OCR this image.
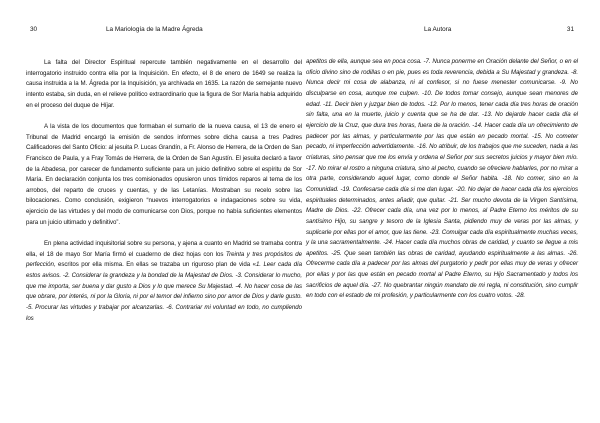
30	La Mariología de la Madre Ágreda

La falta del Director Espiritual repercute también negativamente en el desarrollo del interrogatorio instruido contra ella por la Inquisición. En efecto, el 8 de enero de 1649 se realiza la causa instruida a la M. Ágreda por la Inquisición, ya archivada en 1635. La razón de semejante nuevo intento estaba, sin duda, en el relieve político extraordinario que la figura de Sor María había adquirido en el proceso del duque de Híjar.

A la vista de los documentos que formaban el sumario de la nueva causa, el 13 de enero el Tribunal de Madrid encargó la emisión de sendos informes sobre dicha causa a tres Padres Calificadores del Santo Oficio: al jesuita P. Lucas Grandín, a Fr. Alonso de Herrera, de la Orden de San Francisco de Paula, y a Fray Tomás de Herrera, de la Orden de San Agustín. El jesuita declaró a favor de la Abadesa, por carecer de fundamento suficiente para un juicio definitivo sobre el espíritu de Sor María. En declaración conjunta los tres comisionados opusieron unos tímidos reparos al tema de los arrobos, del reparto de cruces y cuentas, y de las Letanías. Mostraban su recelo sobre las bilocaciones. Como conclusión, exigieron “nuevos interrogatorios e indagaciones sobre su vida, ejercicio de las virtudes y del modo de comunicarse con Dios, porque no había suficientes elementos para un juicio ultimado y definitivo”.

En plena actividad inquisitorial sobre su persona, y ajena a cuanto en Madrid se tramaba contra ella, el 18 de mayo Sor María firmó el cuaderno de diez hojas con los Treinta y tres propósitos de perfección, escritos por ella misma. En ellas se trazaba un riguroso plan de vida «1. Leer cada día estos avisos. -2. Considerar la grandeza y la bondad de la Majestad de Dios. -3. Considerar lo mucho, que me importa, ser buena y dar gusto a Dios y lo que merece Su Majestad. -4. No hacer cosa de las que obrare, por interés, ni por la Gloria, ni por el temor del infierno sino por amor de Dios y darle gusto. -5. Procurar las virtudes y trabajar por alcanzarlas. -6. Contrariar mi voluntad en todo, no cumpliendo los

La Autora	31

apetitos de ella, aunque sea en poca cosa. -7. Nunca ponerme en Oración delante del Señor, o en el oficio divino sino de rodillas o en pie, pues es toda reverencia, debida a Su Majestad y grandeza. -8. Nunca decir mi cosa de alabanza, ni al confesor, si no fuese menester comunicarse. -9. No disculparse en cosa, aunque me culpen. -10. De todos tomar consejo, aunque sean menores de edad. -11. Decir bien y juzgar bien de todos. -12. Por lo menos, tener cada día tres horas de oración sin falta, una en la muerte, juicio y cuenta que se ha de dar. -13. No dejarde hacer cada día el ejercicio de la Cruz, que dura tres horas, fuera de la oración. -14. Hacer cada día un ofrecimiento de padecer por las almas, y particularmente por las que están en pecado mortal. -15. No cometer pecado, ni imperfección advertidamente. -16. No atribuir, de los trabajos que me suceden, nada a las criaturas, sino pensar que me los envía y ordena el Señor por sus secretos juicios y mayor bien mío. -17. No mirar el rostro a ninguna criatura, sino al pecho, cuando se ofreciere hablarles, por no mirar a otra parte, considerando aquel lugar, como donde el Señor habita. -18. No comer, sino en la Comunidad. -19. Confesarse cada día si me dan lugar. -20. No dejar de hacer cada día los ejercicios espirituales determinados, antes añadir, que quitar. -21. Ser mucho devota de la Virgen Santísima, Madre de Dios. -22. Ofrecer cada día, una vez por lo menos, al Padre Eterno los méritos de su santísimo Hijo, su sangre y tesoro de la Iglesia Santa, pidiendo muy de veras por las almas, y suplicarle por ellas por el amor, que las tiene. -23. Comulgar cada día espiritualmente muchas veces, y la una sacramentalmente. -24. Hacer cada día muchos obras de caridad, y cuanto se llegue a mis apetitos. -25. Que sean también las obras de caridad, ayudando espiritualmente a las almas. -26. Ofrecerme cada día a padecer por las almas del purgatorio y pedir por ellas muy de veras y ofrecer por ellas y por las que están en pecado mortal al Padre Eterno, su Hijo Sacramentado y todos los sacrificios de aquel día. -27. No quebrantar ningún mandato de mi regla, ni constitución, sino cumplir en todo con el estado de mi profesión, y particularmente con los cuatro votos. -28.
